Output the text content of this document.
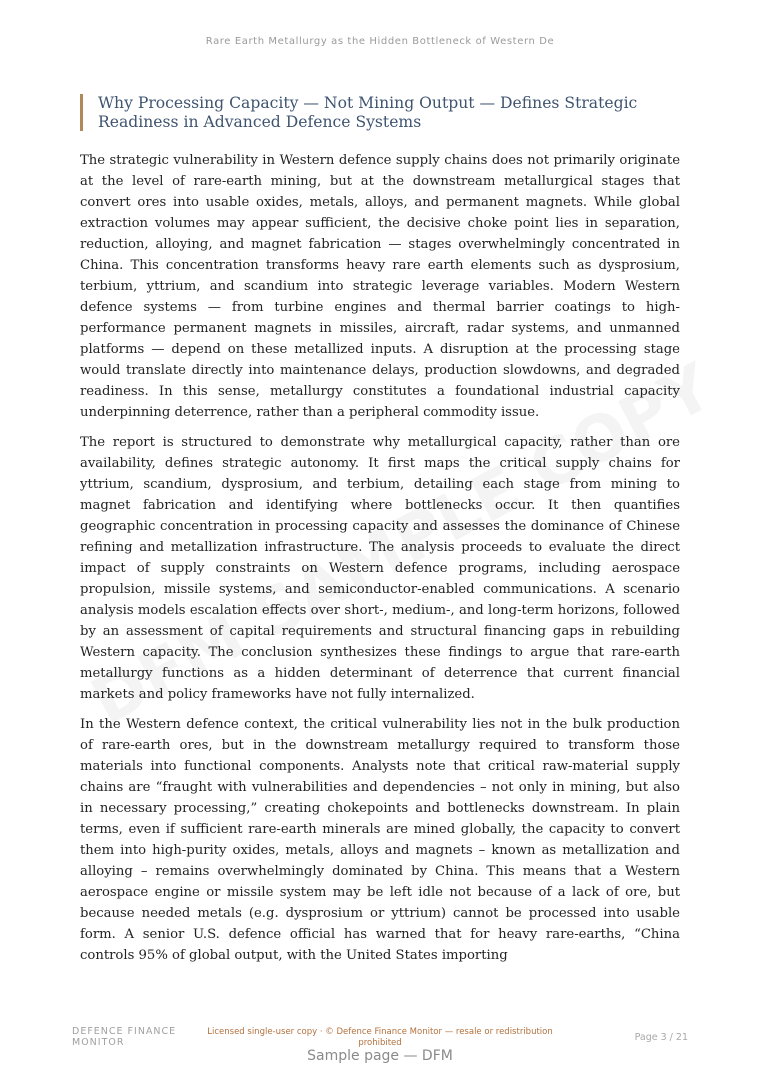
Rare Earth Metallurgy as the Hidden Bottleneck of Western De
Why Processing Capacity — Not Mining Output — Defines Strategic Readiness in Advanced Defence Systems

The strategic vulnerability in Western defence supply chains does not primarily originate at the level of rare-earth mining, but at the downstream metallurgical stages that convert ores into usable oxides, metals, alloys, and permanent magnets. While global extraction volumes may appear sufficient, the decisive choke point lies in separation, reduction, alloying, and magnet fabrication — stages overwhelmingly concentrated in China. This concentration transforms heavy rare earth elements such as dysprosium, terbium, yttrium, and scandium into strategic leverage variables. Modern Western defence systems — from turbine engines and thermal barrier coatings to high-performance permanent magnets in missiles, aircraft, radar systems, and unmanned platforms — depend on these metallized inputs. A disruption at the processing stage would translate directly into maintenance delays, production slowdowns, and degraded readiness. In this sense, metallurgy constitutes a foundational industrial capacity underpinning deterrence, rather than a peripheral commodity issue.

The report is structured to demonstrate why metallurgical capacity, rather than ore availability, defines strategic autonomy. It first maps the critical supply chains for yttrium, scandium, dysprosium, and terbium, detailing each stage from mining to magnet fabrication and identifying where bottlenecks occur. It then quantifies geographic concentration in processing capacity and assesses the dominance of Chinese refining and metallization infrastructure. The analysis proceeds to evaluate the direct impact of supply constraints on Western defence programs, including aerospace propulsion, missile systems, and semiconductor-enabled communications. A scenario analysis models escalation effects over short-, medium-, and long-term horizons, followed by an assessment of capital requirements and structural financing gaps in rebuilding Western capacity. The conclusion synthesizes these findings to argue that rare-earth metallurgy functions as a hidden determinant of deterrence that current financial markets and policy frameworks have not fully internalized.

In the Western defence context, the critical vulnerability lies not in the bulk production of rare-earth ores, but in the downstream metallurgy required to transform those materials into functional components. Analysts note that critical raw-material supply chains are “fraught with vulnerabilities and dependencies – not only in mining, but also in necessary processing,” creating chokepoints and bottlenecks downstream. In plain terms, even if sufficient rare-earth minerals are mined globally, the capacity to convert them into high-purity oxides, metals, alloys and magnets – known as metallization and alloying – remains overwhelmingly dominated by China. This means that a Western aerospace engine or missile system may be left idle not because of a lack of ore, but because needed metals (e.g. dysprosium or yttrium) cannot be processed into usable form. A senior U.S. defence official has warned that for heavy rare-earths, “China controls 95% of global output, with the United States importing

DEFENCE FINANCE MONITOR
Licensed single-user copy · © Defence Finance Monitor — resale or redistribution prohibited	Page 3 / 21
Sample page — DFM
